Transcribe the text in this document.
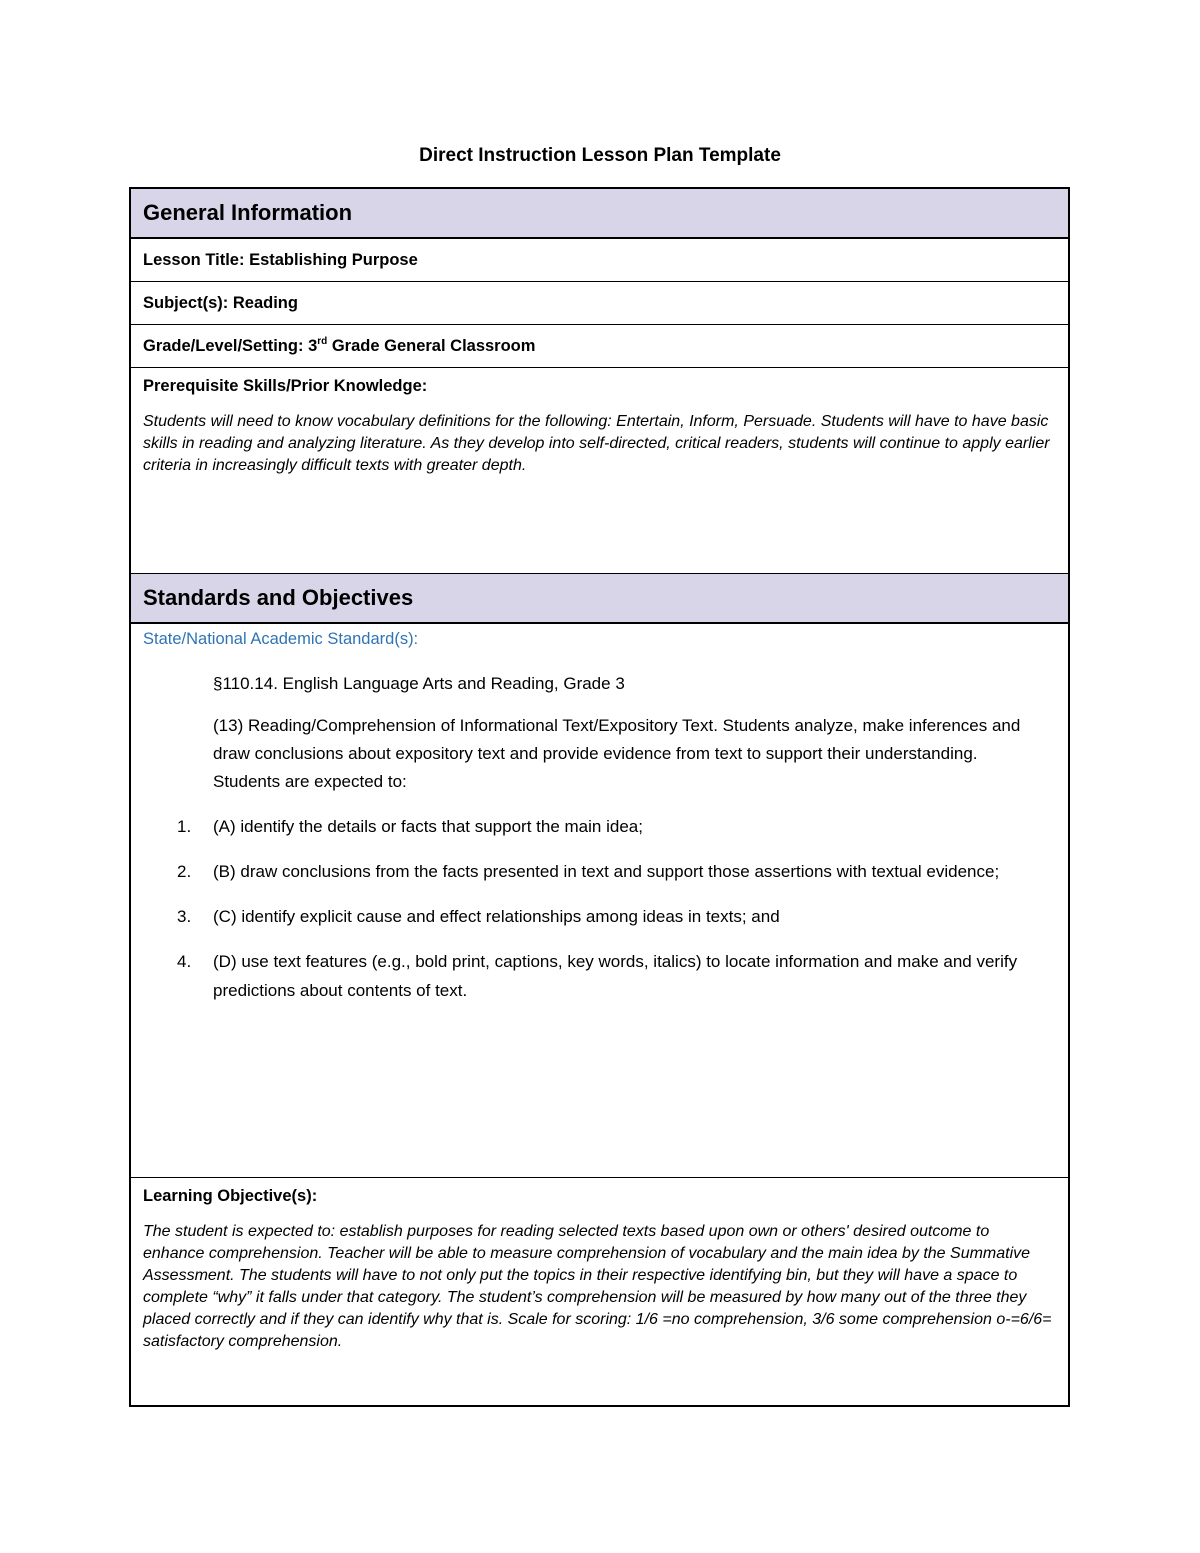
Direct Instruction Lesson Plan Template
General Information
Lesson Title: Establishing Purpose
Subject(s): Reading
Grade/Level/Setting: 3rd Grade General Classroom
Prerequisite Skills/Prior Knowledge:

Students will need to know vocabulary definitions for the following: Entertain, Inform, Persuade. Students will have to have basic skills in reading and analyzing literature. As they develop into self-directed, critical readers, students will continue to apply earlier criteria in increasingly difficult texts with greater depth.

Standards and Objectives
State/National Academic Standard(s):
§110.14. English Language Arts and Reading, Grade 3
(13) Reading/Comprehension of Informational Text/Expository Text. Students analyze, make inferences and draw conclusions about expository text and provide evidence from text to support their understanding. Students are expected to:
1. (A) identify the details or facts that support the main idea;
2. (B) draw conclusions from the facts presented in text and support those assertions with textual evidence;
3. (C) identify explicit cause and effect relationships among ideas in texts; and
4. (D) use text features (e.g., bold print, captions, key words, italics) to locate information and make and verify predictions about contents of text.
Learning Objective(s):

The student is expected to: establish purposes for reading selected texts based upon own or others' desired outcome to enhance comprehension. Teacher will be able to measure comprehension of vocabulary and the main idea by the Summative Assessment. The students will have to not only put the topics in their respective identifying bin, but they will have a space to complete “why” it falls under that category. The student’s comprehension will be measured by how many out of the three they placed correctly and if they can identify why that is. Scale for scoring: 1/6 =no comprehension, 3/6 some comprehension o-=6/6= satisfactory comprehension.
